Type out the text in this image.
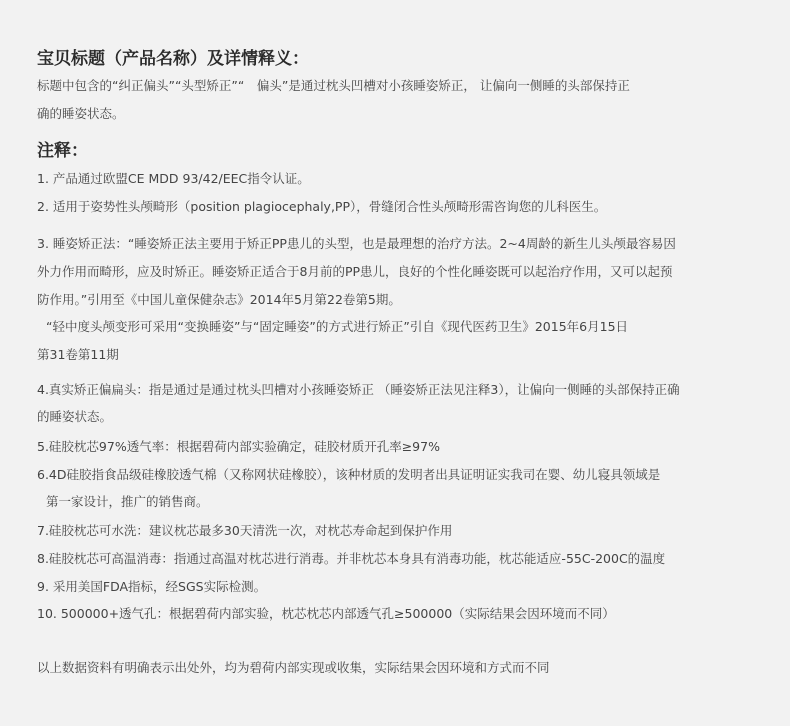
宝贝标题（产品名称）及详情释义：
标题中包含的“纠正偏头”“头型矫正”“　偏头”是通过枕头凹槽对小孩睡姿矫正， 让偏向一侧睡的头部保持正
确的睡姿状态。
注释：
1. 产品通过欧盟CE MDD 93/42/EEC指令认证。
2. 适用于姿势性头颅畸形（position plagiocephaly,PP），骨缝闭合性头颅畸形需咨询您的儿科医生。
3. 睡姿矫正法：“睡姿矫正法主要用于矫正PP患儿的头型，也是最理想的治疗方法。2~4周龄的新生儿头颅最容易因
外力作用而畸形，应及时矫正。睡姿矫正适合于8月前的PP患儿，良好的个性化睡姿既可以起治疗作用，又可以起预
防作用。”引用至《中国儿童保健杂志》2014年5月第22卷第5期。
“轻中度头颅变形可采用“变换睡姿”与“固定睡姿”的方式进行矫正”引自《现代医药卫生》2015年6月15日
第31卷第11期
4.真实矫正偏扁头：指是通过是通过枕头凹槽对小孩睡姿矫正 （睡姿矫正法见注释3），让偏向一侧睡的头部保持正确
的睡姿状态。
5.硅胶枕芯97%透气率：根据碧荷内部实验确定，硅胶材质开孔率≥97%
6.4D硅胶指食品级硅橡胶透气棉（又称网状硅橡胶），该种材质的发明者出具证明证实我司在婴、幼儿寝具领域是
第一家设计，推广的销售商。
7.硅胶枕芯可水洗：建议枕芯最多30天清洗一次，对枕芯寿命起到保护作用
8.硅胶枕芯可高温消毒：指通过高温对枕芯进行消毒。并非枕芯本身具有消毒功能，枕芯能适应-55C-200C的温度
9. 采用美国FDA指标，经SGS实际检测。
10. 500000+透气孔：根据碧荷内部实验，枕芯枕芯内部透气孔≥500000（实际结果会因环境而不同）
以上数据资料有明确表示出处外，均为碧荷内部实现或收集，实际结果会因环境和方式而不同
